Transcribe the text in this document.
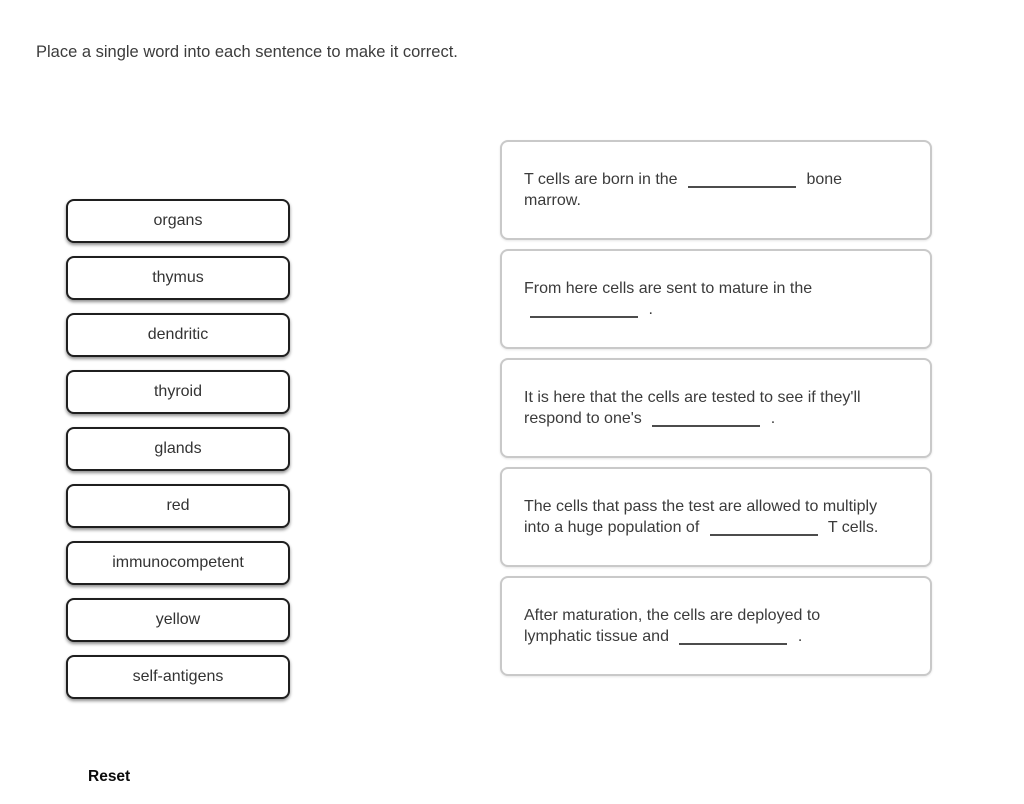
Place a single word into each sentence to make it correct.
organs
thymus
dendritic
thyroid
glands
red
immunocompetent
yellow
self-antigens

T cells are born in the	bone marrow.

From here cells are sent to mature in the  .

It is here that the cells are tested to see if they'll respond to one's	.

The cells that pass the test are allowed to multiply into a huge population of	T cells.

After maturation, the cells are deployed to lymphatic tissue and	.

Reset
